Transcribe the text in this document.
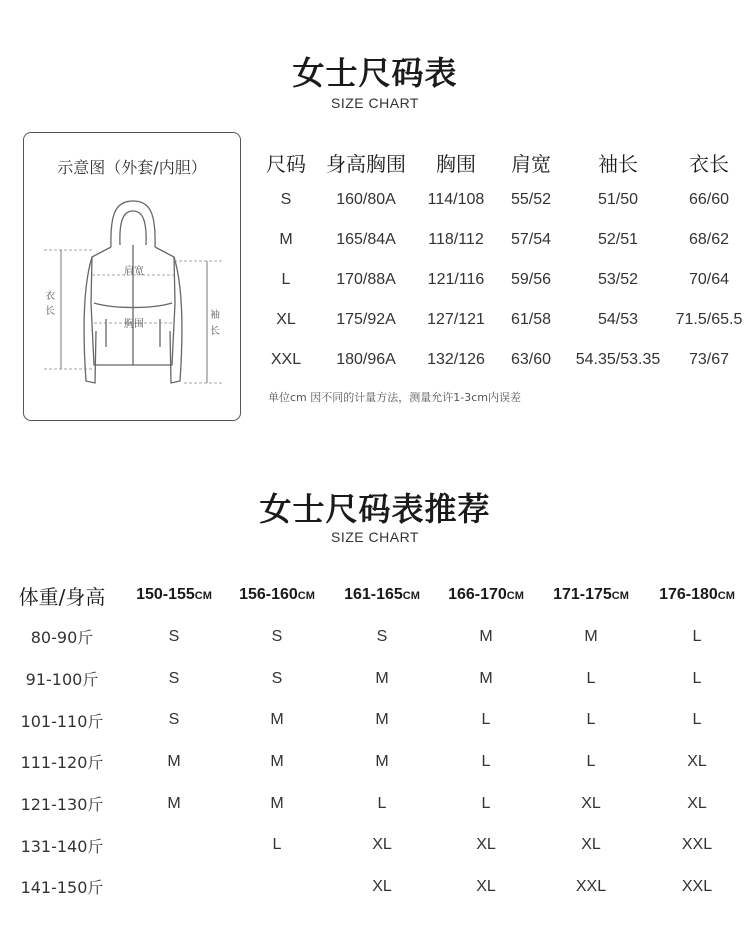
女士尺码表
SIZE CHART
示意图（外套/内胆）
肩宽
胸围
衣
长	袖
长
尺码	身高胸围	胸围	肩宽	袖长	衣长
S	160/80A	114/108	55/52	51/50	66/60
M	165/84A	118/112	57/54	52/51	68/62
L	170/88A	121/116	59/56	53/52	70/64
XL	175/92A	127/121	61/58	54/53	71.5/65.5
XXL	180/96A	132/126	63/60	54.35/53.35	73/67
单位cm 因不同的计量方法，测量允许1-3cm内误差
女士尺码表推荐
SIZE CHART
体重/身高	150-155CM	156-160CM	161-165CM	166-170CM	171-175CM	176-180CM
80-90斤	S	S	S	M	M	L
91-100斤	S	S	M	M	L	L
101-110斤	S	M	M	L	L	L
111-120斤	M	M	M	L	L	XL
121-130斤	M	M	L	L	XL	XL
131-140斤		L	XL	XL	XL	XXL
141-150斤			XL	XL	XXL	XXL
